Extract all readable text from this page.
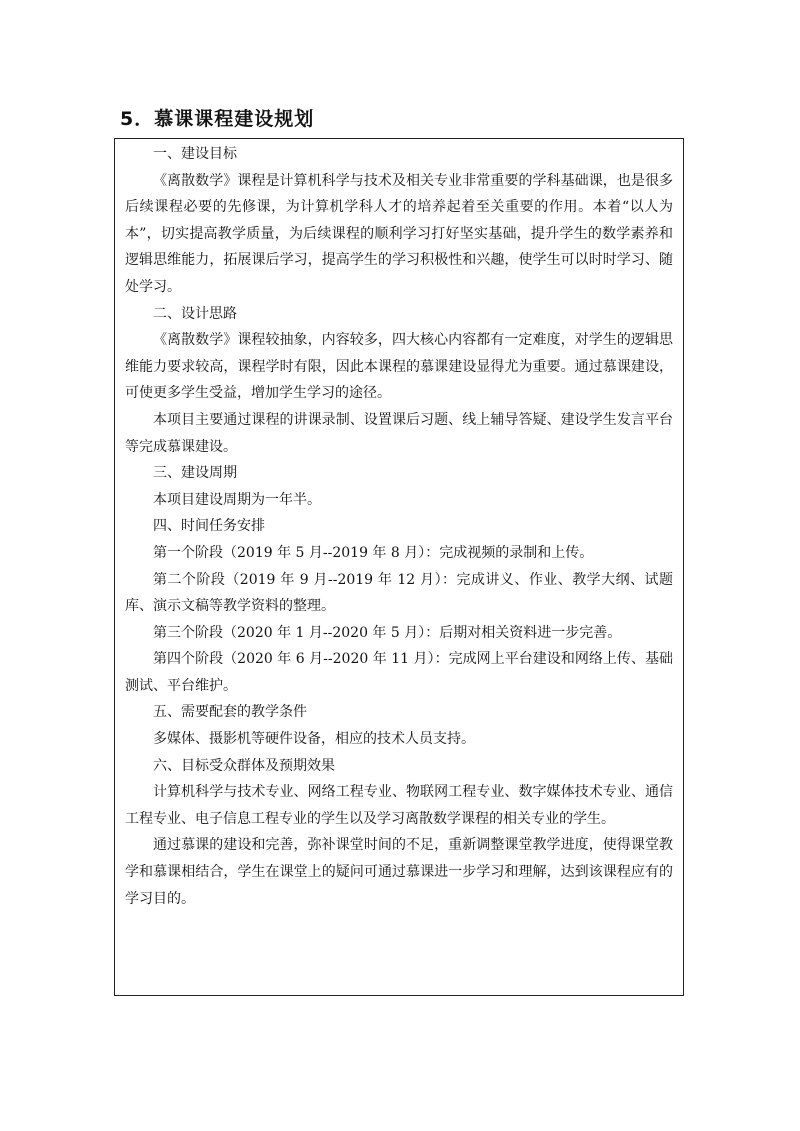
5．慕课课程建设规划

一、建设目标

《离散数学》课程是计算机科学与技术及相关专业非常重要的学科基础课，也是很多后续课程必要的先修课，为计算机学科人才的培养起着至关重要的作用。本着“以人为本”，切实提高教学质量，为后续课程的顺利学习打好坚实基础，提升学生的数学素养和逻辑思维能力，拓展课后学习，提高学生的学习积极性和兴趣，使学生可以时时学习、随处学习。

二、设计思路

《离散数学》课程较抽象，内容较多，四大核心内容都有一定难度，对学生的逻辑思维能力要求较高，课程学时有限，因此本课程的慕课建设显得尤为重要。通过慕课建设，可使更多学生受益，增加学生学习的途径。

本项目主要通过课程的讲课录制、设置课后习题、线上辅导答疑、建设学生发言平台等完成慕课建设。

三、建设周期

本项目建设周期为一年半。

四、时间任务安排

第一个阶段（2019 年 5 月--2019 年 8 月）：完成视频的录制和上传。

第二个阶段（2019 年 9 月--2019 年 12 月）：完成讲义、作业、教学大纲、试题库、演示文稿等教学资料的整理。

第三个阶段（2020 年 1 月--2020 年 5 月）：后期对相关资料进一步完善。

第四个阶段（2020 年 6 月--2020 年 11 月）：完成网上平台建设和网络上传、基础测试、平台维护。

五、需要配套的教学条件

多媒体、摄影机等硬件设备，相应的技术人员支持。

六、目标受众群体及预期效果

计算机科学与技术专业、网络工程专业、物联网工程专业、数字媒体技术专业、通信工程专业、电子信息工程专业的学生以及学习离散数学课程的相关专业的学生。

通过慕课的建设和完善，弥补课堂时间的不足，重新调整课堂教学进度，使得课堂教学和慕课相结合，学生在课堂上的疑问可通过慕课进一步学习和理解，达到该课程应有的学习目的。
